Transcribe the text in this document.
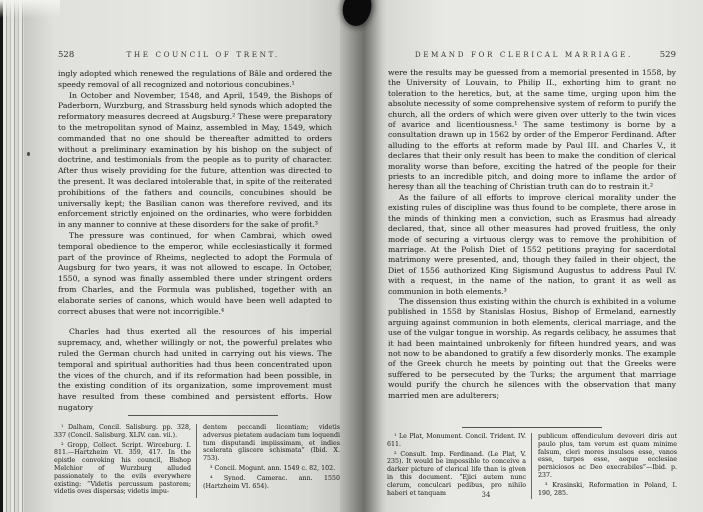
528	THE COUNCIL OF TRENT.

ingly adopted which renewed the regulations of Bâle and ordered the speedy removal of all recognized and notorious concubines.¹

In October and November, 1548, and April, 1549, the Bishops of Paderborn, Wurzburg, and Strassburg held synods which adopted the reformatory measures decreed at Augsburg.² These were preparatory to the metropolitan synod of Mainz, assembled in May, 1549, which commanded that no one should be thereafter admitted to orders without a preliminary examination by his bishop on the subject of doctrine, and testimonials from the people as to purity of character. After thus wisely providing for the future, attention was directed to the present. It was declared intolerable that, in spite of the reiterated prohibitions of the fathers and councils, concubines should be universally kept; the Basilian canon was therefore revived, and its enforcement strictly enjoined on the ordinaries, who were forbidden in any manner to connive at these disorders for the sake of profit.³

The pressure was continued, for when Cambrai, which owed temporal obedience to the emperor, while ecclesiastically it formed part of the province of Rheims, neglected to adopt the Formula of Augsburg for two years, it was not allowed to escape. In October, 1550, a synod was finally assembled there under stringent orders from Charles, and the Formula was published, together with an elaborate series of canons, which would have been well adapted to correct abuses that were not incorrigible.⁴

Charles had thus exerted all the resources of his imperial supremacy, and, whether willingly or not, the powerful prelates who ruled the German church had united in carrying out his views. The temporal and spiritual authorities had thus been concentrated upon the vices of the church, and if its reformation had been possible, in the existing condition of its organization, some improvement must have resulted from these combined and persistent efforts. How nugatory

¹ Dalham, Concil. Salisburg. pp. 328, 337 (Concil. Salisburg. XLIV. can. vii.).

² Gropp, Collect. Script. Wirceburg. I. 811.—Hartzheim VI. 359, 417. In the epistle convoking his council, Bishop Melchior of Wurzburg alluded passionately to the evils everywhere existing: “Videtis percussum pastorem; videtis oves dispersas; videtis impu-

dentem peccandi licentiam; videtis adversus pietatem audaciam tum loquendi tum disputandi impiissimam, et indies scelerata gliscere schismata” (Ibid. X. 753).

³ Concil. Mogunt. ann. 1549 c. 82, 102.

⁴ Synod. Camerac. ann. 1550 (Hartzheim VI. 654).

DEMAND FOR CLERICAL MARRIAGE.	529

were the results may be guessed from a memorial presented in 1558, by the University of Louvain, to Philip II., exhorting him to grant no toleration to the heretics, but, at the same time, urging upon him the absolute necessity of some comprehensive system of reform to purify the church, all the orders of which were given over utterly to the twin vices of avarice and licentiousness.¹ The same testimony is borne by a consultation drawn up in 1562 by order of the Emperor Ferdinand. After alluding to the efforts at reform made by Paul III. and Charles V., it declares that their only result has been to make the condition of clerical morality worse than before, exciting the hatred of the people for their priests to an incredible pitch, and doing more to inflame the ardor of heresy than all the teaching of Christian truth can do to restrain it.²

As the failure of all efforts to improve clerical morality under the existing rules of discipline was thus found to be complete, there arose in the minds of thinking men a conviction, such as Erasmus had already declared, that, since all other measures had proved fruitless, the only mode of securing a virtuous clergy was to remove the prohibition of marriage. At the Polish Diet of 1552 petitions praying for sacerdotal matrimony were presented, and, though they failed in their object, the Diet of 1556 authorized King Sigismund Augustus to address Paul IV. with a request, in the name of the nation, to grant it as well as communion in both elements.³

The dissension thus existing within the church is exhibited in a volume published in 1558 by Stanislas Hosius, Bishop of Ermeland, earnestly arguing against communion in both elements, clerical marriage, and the use of the vulgar tongue in worship. As regards celibacy, he assumes that it had been maintained unbrokenly for fifteen hundred years, and was not now to be abandoned to gratify a few disorderly monks. The example of the Greek church he meets by pointing out that the Greeks were suffered to be persecuted by the Turks; the argument that marriage would purify the church he silences with the observation that many married men are adulterers;

¹ Le Plat, Monument. Concil. Trident. IV. 611.

² Consult. Imp. Ferdinand. (Le Plat, V. 235). It would be impossible to conceive a darker picture of clerical life than is given in this document. “Ejici autem nunc clerum, conculcari pedibus, pro nihilo haberi et tanquam

publicum offendiculum devoveri diris aut paulo plus, tam verum est quam minime falsum, cleri mores insulsos esse, vanos esse, turpes esse, aeque ecclesiae perniciosos ac Deo execrabiles”—Ibid. p. 237.

³ Krasinski, Reformation in Poland, I. 190, 285.

34
